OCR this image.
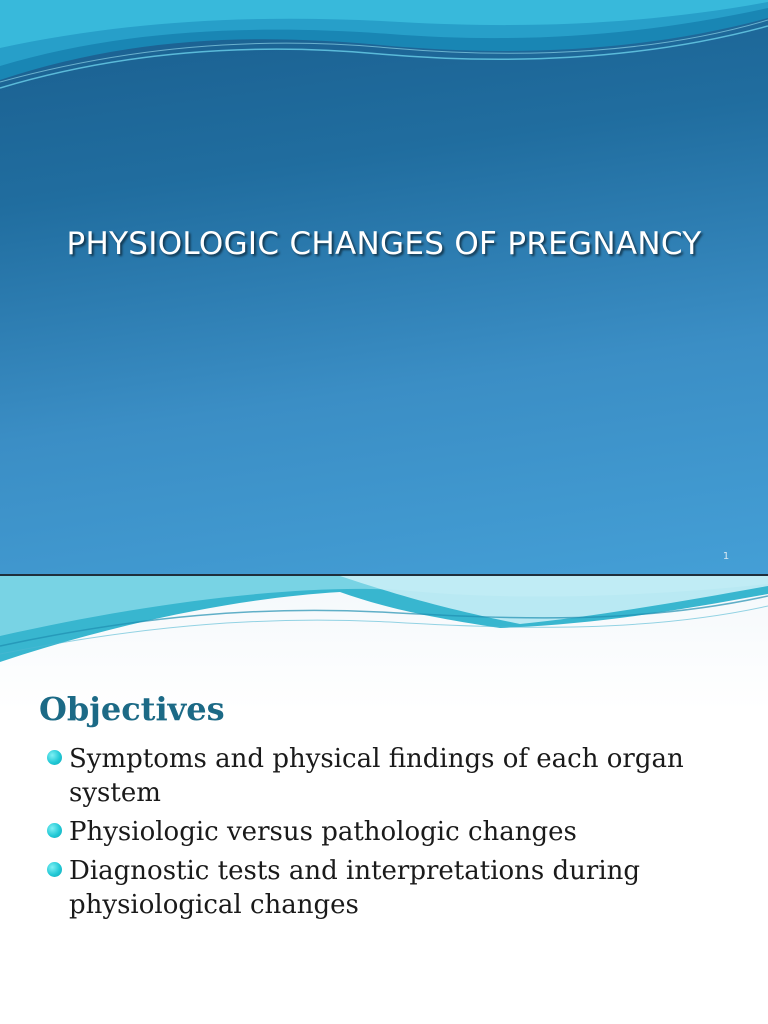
PHYSIOLOGIC CHANGES OF PREGNANCY
1
Objectives
Symptoms and physical findings of each organ system
Physiologic versus pathologic changes
Diagnostic tests and interpretations during physiological changes
